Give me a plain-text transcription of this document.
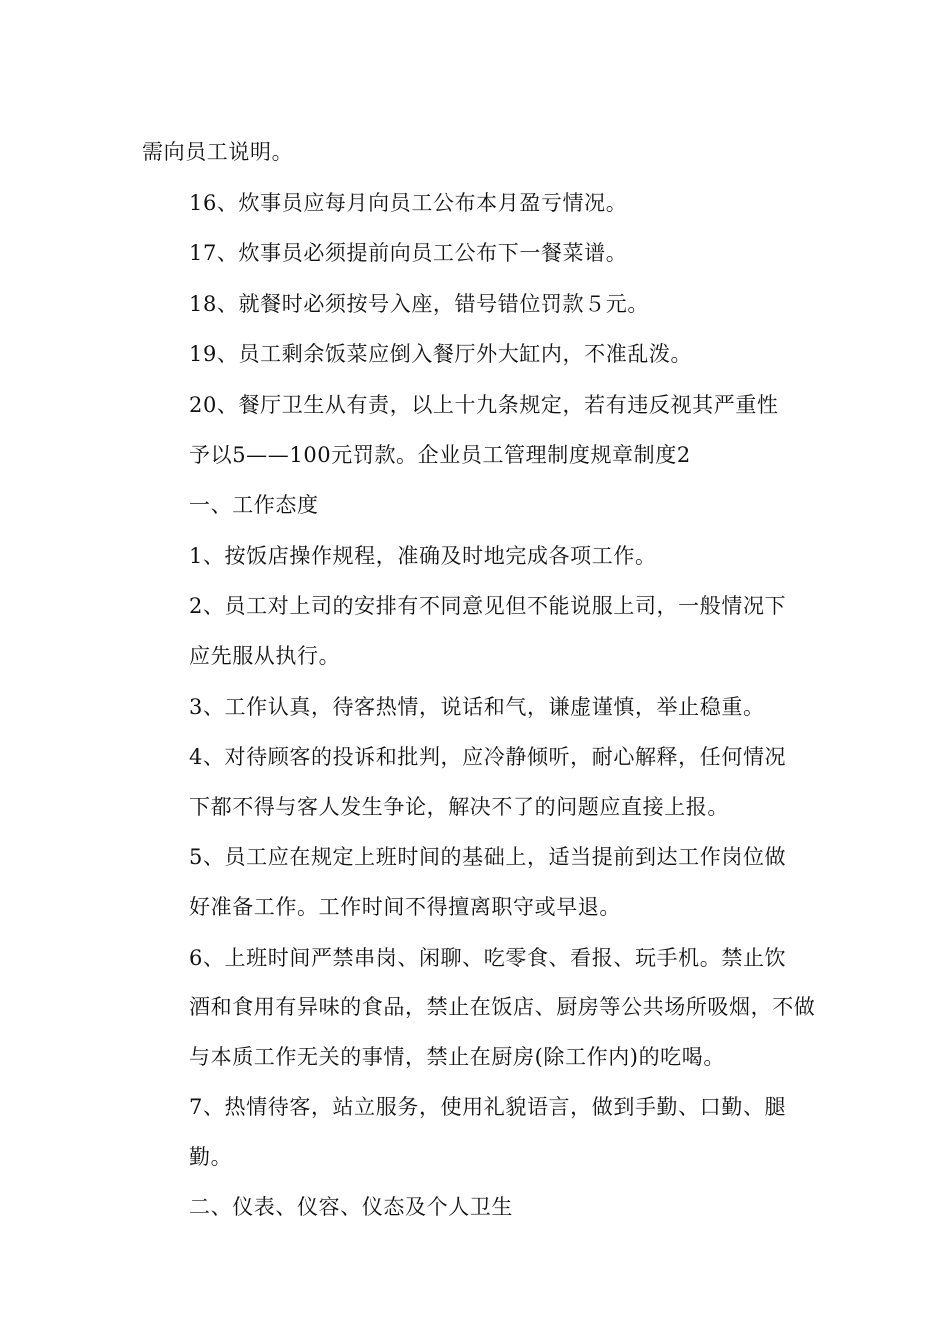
需向员工说明。
16、炊事员应每月向员工公布本月盈亏情况。
17、炊事员必须提前向员工公布下一餐菜谱。
18、就餐时必须按号入座，错号错位罚款５元。
19、员工剩余饭菜应倒入餐厅外大缸内，不准乱泼。
20、餐厅卫生从有责，以上十九条规定，若有违反视其严重性
予以5——100元罚款。企业员工管理制度规章制度2
一、工作态度
1、按饭店操作规程，准确及时地完成各项工作。
2、员工对上司的安排有不同意见但不能说服上司，一般情况下
应先服从执行。
3、工作认真，待客热情，说话和气，谦虚谨慎，举止稳重。
4、对待顾客的投诉和批判，应冷静倾听，耐心解释，任何情况
下都不得与客人发生争论，解决不了的问题应直接上报。
5、员工应在规定上班时间的基础上，适当提前到达工作岗位做
好准备工作。工作时间不得擅离职守或早退。
6、上班时间严禁串岗、闲聊、吃零食、看报、玩手机。禁止饮
酒和食用有异味的食品，禁止在饭店、厨房等公共场所吸烟，不做
与本质工作无关的事情，禁止在厨房(除工作内)的吃喝。
7、热情待客，站立服务，使用礼貌语言，做到手勤、口勤、腿
勤。
二、仪表、仪容、仪态及个人卫生
